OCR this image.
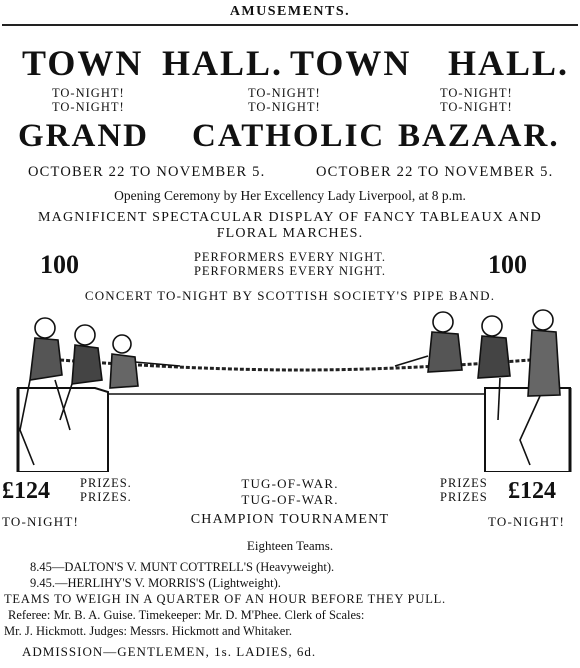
AMUSEMENTS.
TOWN HALL. TOWN HALL.
TO-NIGHT!
TO-NIGHT!
TO-NIGHT!
TO-NIGHT!
TO-NIGHT!
TO-NIGHT!
GRAND CATHOLIC BAZAAR.
OCTOBER 22 TO NOVEMBER 5.	OCTOBER 22 TO NOVEMBER 5.
Opening Ceremony by Her Excellency Lady Liverpool, at 8 p.m.
MAGNIFICENT SPECTACULAR DISPLAY OF FANCY TABLEAUX AND
FLORAL MARCHES.
100	100
PERFORMERS EVERY NIGHT.
PERFORMERS EVERY NIGHT.
CONCERT TO-NIGHT BY SCOTTISH SOCIETY'S PIPE BAND.
£124 PRIZES.
PRIZES.
PRIZES
PRIZES £124
TUG-OF-WAR.
TUG-OF-WAR.
TO-NIGHT!	CHAMPION TOURNAMENT	TO-NIGHT!
Eighteen Teams.
8.45—DALTON'S V. MUNT COTTRELL'S (Heavyweight).
9.45.—HERLIHY'S V. MORRIS'S (Lightweight).
TEAMS TO WEIGH IN A QUARTER OF AN HOUR BEFORE THEY PULL.
Referee: Mr. B. A. Guise. Timekeeper: Mr. D. M'Phee. Clerk of Scales:
Mr. J. Hickmott. Judges: Messrs. Hickmott and Whitaker.
ADMISSION—GENTLEMEN, 1s. LADIES, 6d.
